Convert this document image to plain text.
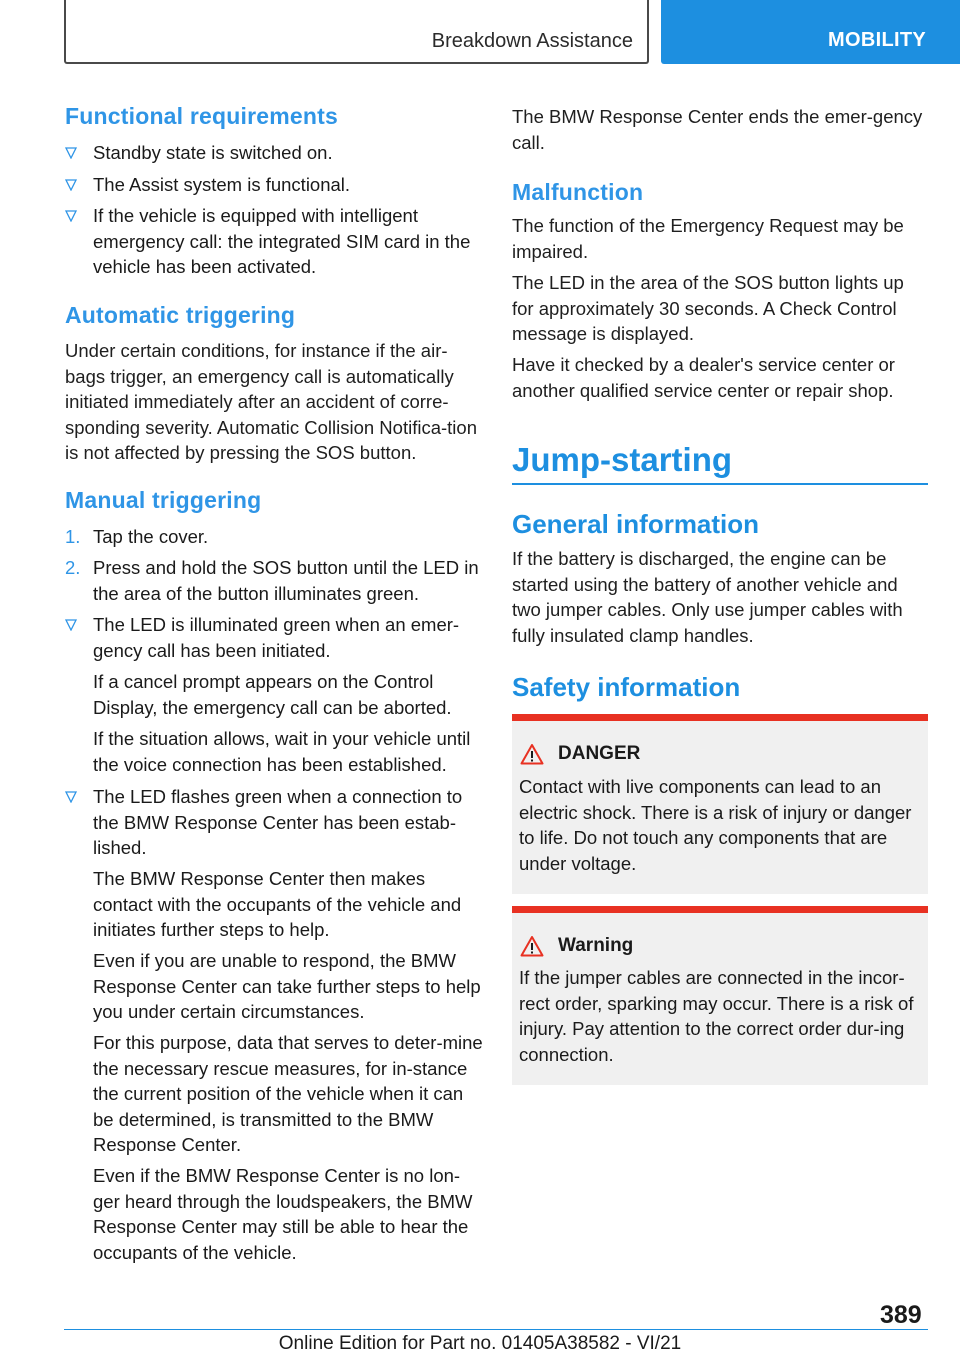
Breakdown Assistance	MOBILITY
Functional requirements
Standby state is switched on.
The Assist system is functional.
If the vehicle is equipped with intelligent emergency call: the integrated SIM card in the vehicle has been activated.
Automatic triggering
Under certain conditions, for instance if the air‐bags trigger, an emergency call is automatically initiated immediately after an accident of corre‐sponding severity. Automatic Collision Notifica‐tion is not affected by pressing the SOS button.
Manual triggering
1. Tap the cover.
2. Press and hold the SOS button until the LED in the area of the button illuminates green.
The LED is illuminated green when an emer‐gency call has been initiated.
If a cancel prompt appears on the Control Display, the emergency call can be aborted.
If the situation allows, wait in your vehicle until the voice connection has been established.
The LED flashes green when a connection to the BMW Response Center has been estab‐lished.
The BMW Response Center then makes contact with the occupants of the vehicle and initiates further steps to help.
Even if you are unable to respond, the BMW Response Center can take further steps to help you under certain circumstances.
For this purpose, data that serves to deter‐mine the necessary rescue measures, for in‐stance the current position of the vehicle when it can be determined, is transmitted to the BMW Response Center.
Even if the BMW Response Center is no lon‐ger heard through the loudspeakers, the BMW Response Center may still be able to hear the occupants of the vehicle.
The BMW Response Center ends the emer‐gency call.
Malfunction
The function of the Emergency Request may be impaired.
The LED in the area of the SOS button lights up for approximately 30 seconds. A Check Control message is displayed.
Have it checked by a dealer's service center or another qualified service center or repair shop.
Jump-starting
General information
If the battery is discharged, the engine can be started using the battery of another vehicle and two jumper cables. Only use jumper cables with fully insulated clamp handles.
Safety information
DANGER
Contact with live components can lead to an electric shock. There is a risk of injury or danger to life. Do not touch any components that are under voltage.
Warning
If the jumper cables are connected in the incor‐rect order, sparking may occur. There is a risk of injury. Pay attention to the correct order dur‐ing connection.
389
Online Edition for Part no. 01405A38582 - VI/21
